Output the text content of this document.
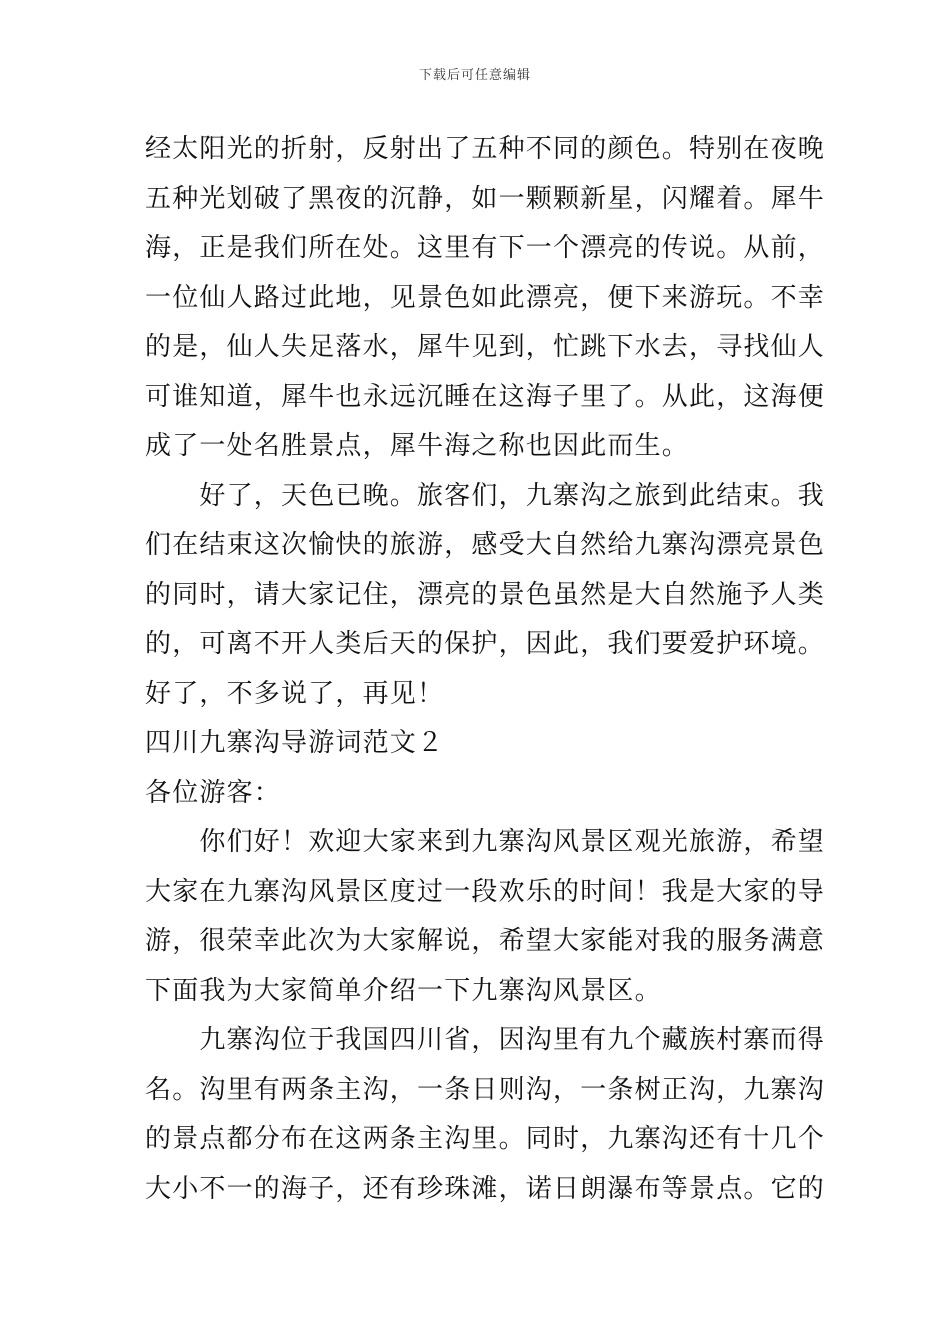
下载后可任意编辑
经太阳光的折射，反射出了五种不同的颜色。特别在夜晚
五种光划破了黑夜的沉静，如一颗颗新星，闪耀着。犀牛
海，正是我们所在处。这里有下一个漂亮的传说。从前，
一位仙人路过此地，见景色如此漂亮，便下来游玩。不幸
的是，仙人失足落水，犀牛见到，忙跳下水去，寻找仙人
可谁知道，犀牛也永远沉睡在这海子里了。从此，这海便
成了一处名胜景点，犀牛海之称也因此而生。
　　好了，天色已晚。旅客们，九寨沟之旅到此结束。我
们在结束这次愉快的旅游，感受大自然给九寨沟漂亮景色
的同时，请大家记住，漂亮的景色虽然是大自然施予人类
的，可离不开人类后天的保护，因此，我们要爱护环境。
好了，不多说了，再见！
四川九寨沟导游词范文２
各位游客：
　　你们好！欢迎大家来到九寨沟风景区观光旅游，希望
大家在九寨沟风景区度过一段欢乐的时间！我是大家的导
游，很荣幸此次为大家解说，希望大家能对我的服务满意
下面我为大家简单介绍一下九寨沟风景区。
　　九寨沟位于我国四川省，因沟里有九个藏族村寨而得
名。沟里有两条主沟，一条日则沟，一条树正沟，九寨沟
的景点都分布在这两条主沟里。同时，九寨沟还有十几个
大小不一的海子，还有珍珠滩，诺日朗瀑布等景点。它的
